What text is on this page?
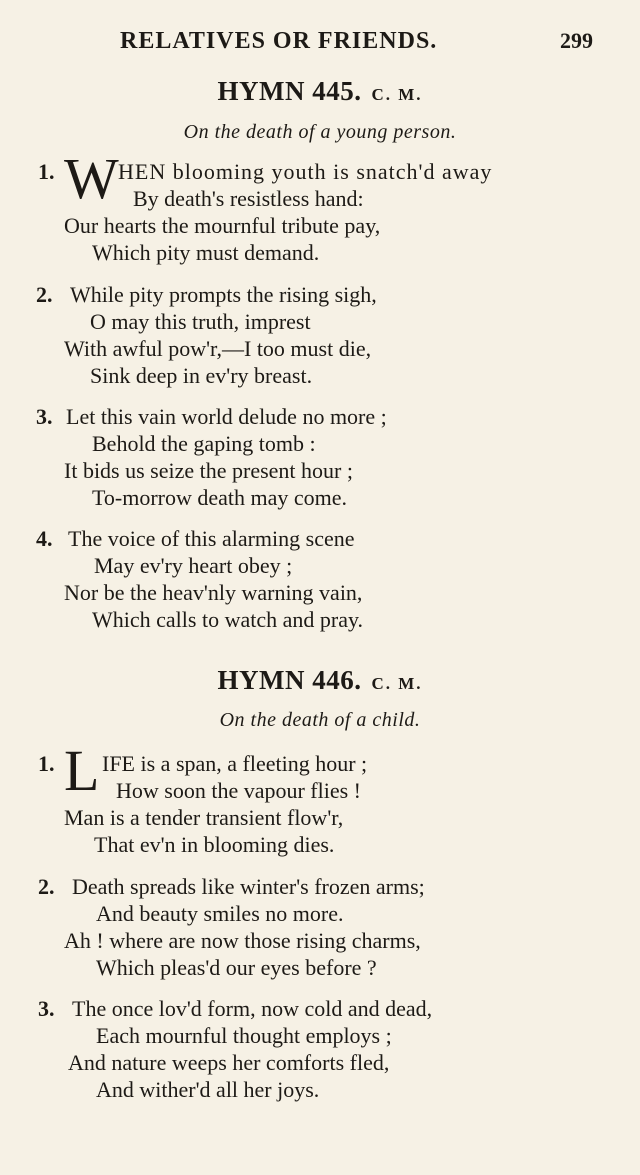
RELATIVES OR FRIENDS.	299
HYMN 445. C. M.
On the death of a young person.
1. W HEN blooming youth is snatch'd away
By death's resistless hand:
Our hearts the mournful tribute pay,
Which pity must demand.
2. While pity prompts the rising sigh,
O may this truth, imprest
With awful pow'r,—I too must die,
Sink deep in ev'ry breast.
3. Let this vain world delude no more ;
Behold the gaping tomb :
It bids us seize the present hour ;
To-morrow death may come.
4. The voice of this alarming scene
May ev'ry heart obey ;
Nor be the heav'nly warning vain,
Which calls to watch and pray.
HYMN 446. C. M.
On the death of a child.
1. L IFE is a span, a fleeting hour ;
How soon the vapour flies !
Man is a tender transient flow'r,
That ev'n in blooming dies.
2. Death spreads like winter's frozen arms;
And beauty smiles no more.
Ah ! where are now those rising charms,
Which pleas'd our eyes before ?
3. The once lov'd form, now cold and dead,
Each mournful thought employs ;
And nature weeps her comforts fled,
And wither'd all her joys.
